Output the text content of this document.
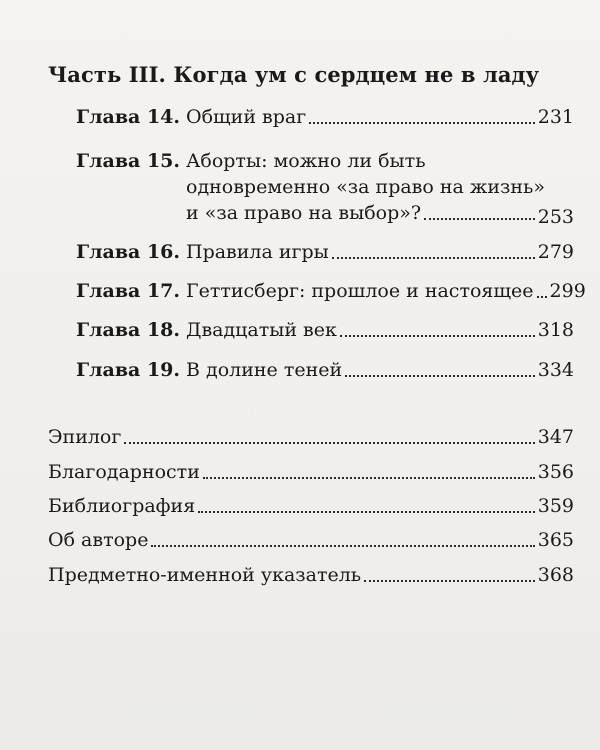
Часть III. Когда ум с сердцем не в ладу
Глава 14. Общий враг	231
Глава 15. Аборты: можно ли быть
одновременно «за право на жизнь»
и «за право на выбор»?	253
Глава 16. Правила игры	279
Глава 17. Геттисберг: прошлое и настоящее 299
Глава 18. Двадцатый век	318
Глава 19. В долине теней	334
Эпилог	347
Благодарности	356
Библиография	359
Об авторе	365
Предметно-именной указатель	368
